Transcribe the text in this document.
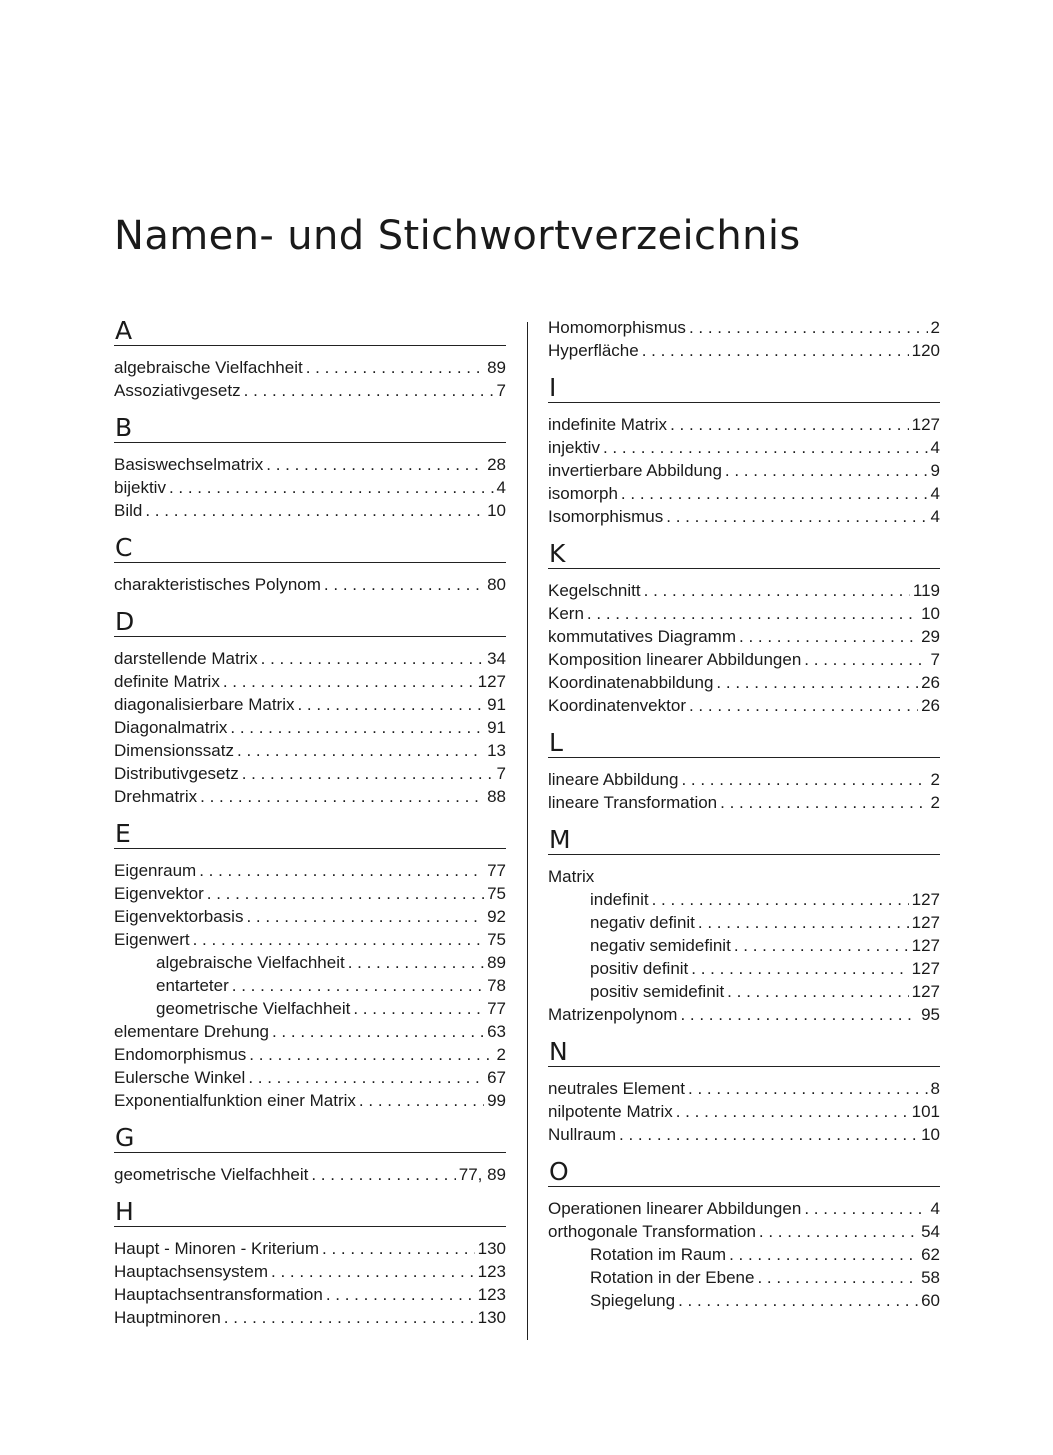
Namen- und Stichwortverzeichnis
A
algebraische Vielfachheit . . .	89
Assoziativgesetz . . .	7
B
Basiswechselmatrix . . .	28
bijektiv . . .	4
Bild . . .	10
C
charakteristisches Polynom . . .	80
D
darstellende Matrix . . .	34
definite Matrix . . .	127
diagonalisierbare Matrix . . .	91
Diagonalmatrix . . .	91
Dimensionssatz . . .	13
Distributivgesetz . . .	7
Drehmatrix . . .	88
E
Eigenraum . . .	77
Eigenvektor . . .	75
Eigenvektorbasis . . .	92
Eigenwert . . .	75
algebraische Vielfachheit . . .	89
entarteter . . .	78
geometrische Vielfachheit . . .	77
elementare Drehung . . .	63
Endomorphismus . . .	2
Eulersche Winkel . . .	67
Exponentialfunktion einer Matrix . . .	99
G
geometrische Vielfachheit . . .	77, 89
H
Haupt - Minoren - Kriterium . . .	130
Hauptachsensystem . . .	123
Hauptachsentransformation . . .	123
Hauptminoren . . .	130
Homomorphismus . . .	2
Hyperfläche . . .	120
I
indefinite Matrix . . .	127
injektiv . . .	4
invertierbare Abbildung . . .	9
isomorph . . .	4
Isomorphismus . . .	4
K
Kegelschnitt . . .	119
Kern . . .	10
kommutatives Diagramm . . .	29
Komposition linearer Abbildungen . . .	7
Koordinatenabbildung . . .	26
Koordinatenvektor . . .	26
L
lineare Abbildung . . .	2
lineare Transformation . . .	2
M
Matrix
indefinit . . .	127
negativ definit . . .	127
negativ semidefinit . . .	127
positiv definit . . .	127
positiv semidefinit . . .	127
Matrizenpolynom . . .	95
N
neutrales Element . . .	8
nilpotente Matrix . . .	101
Nullraum . . .	10
O
Operationen linearer Abbildungen . . .	4
orthogonale Transformation . . .	54
Rotation im Raum . . .	62
Rotation in der Ebene . . .	58
Spiegelung . . .	60
